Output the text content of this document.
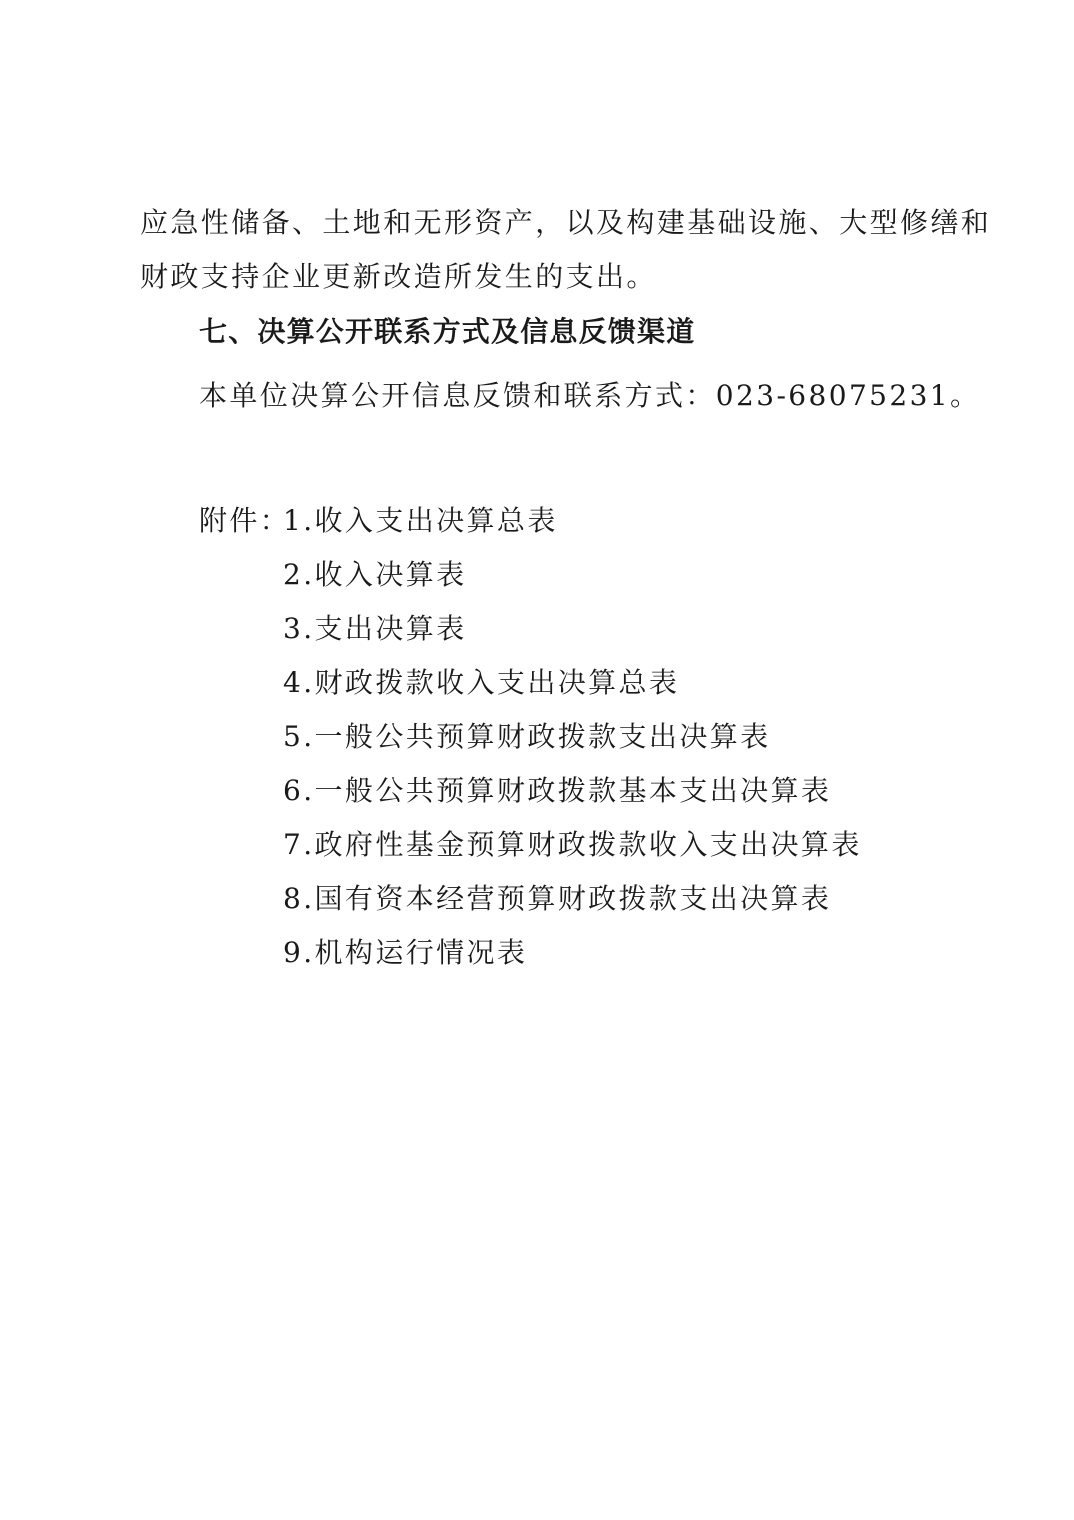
应急性储备、土地和无形资产，以及构建基础设施、大型修缮和
财政支持企业更新改造所发生的支出。
七、决算公开联系方式及信息反馈渠道
本单位决算公开信息反馈和联系方式：023-68075231。
附件：
1.收入支出决算总表
2.收入决算表
3.支出决算表
4.财政拨款收入支出决算总表
5.一般公共预算财政拨款支出决算表
6.一般公共预算财政拨款基本支出决算表
7.政府性基金预算财政拨款收入支出决算表
8.国有资本经营预算财政拨款支出决算表
9.机构运行情况表
